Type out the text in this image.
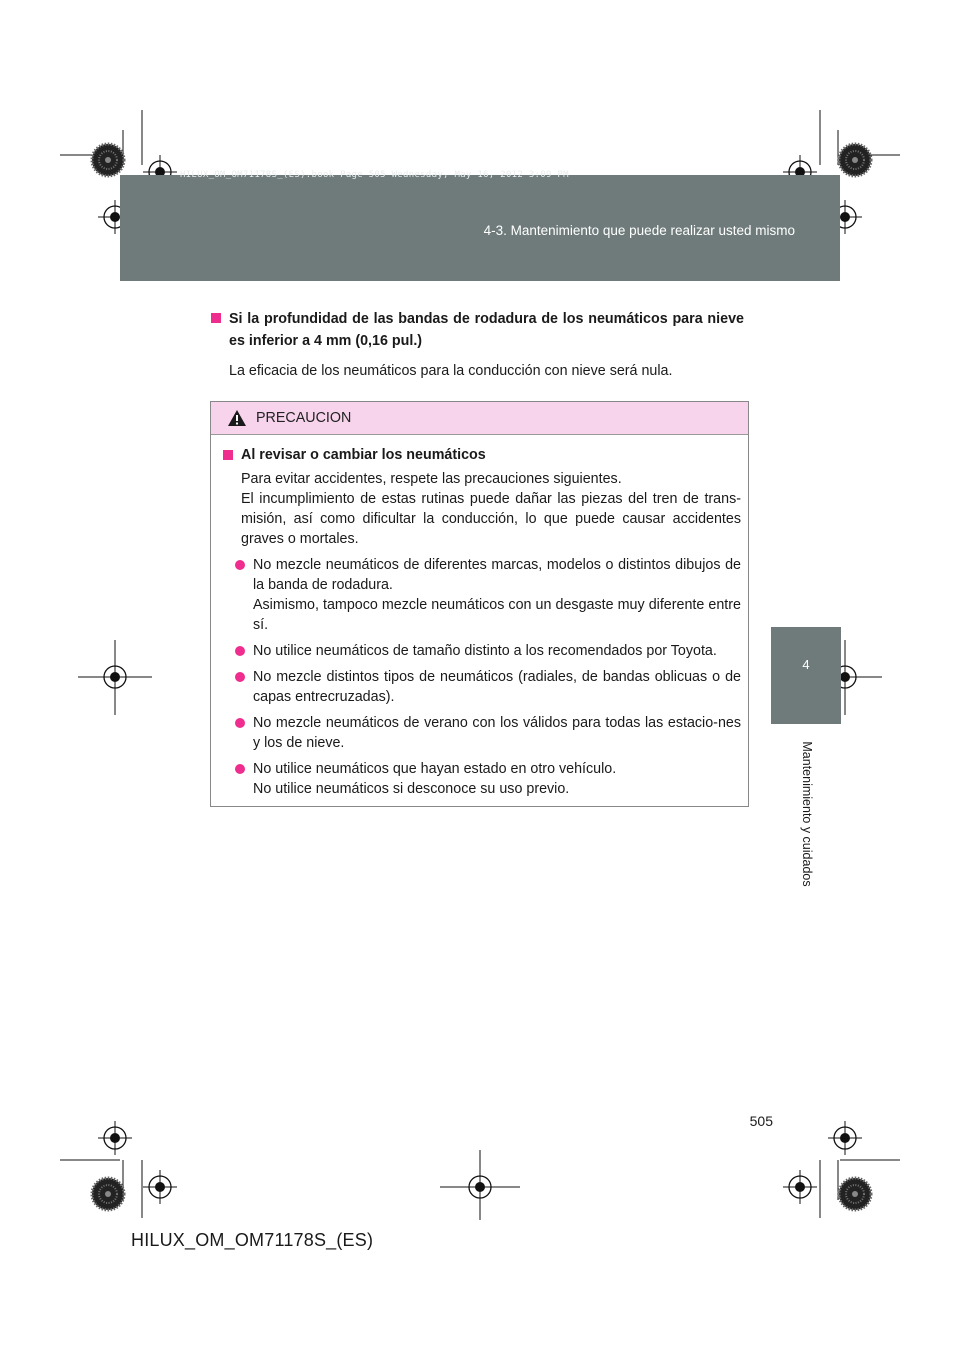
4-3. Mantenimiento que puede realizar usted mismo
HILUX_OM_OM71178S_(ES).book Page 505 Wednesday, May 16, 2012 3:09 PM
4
Mantenimiento y cuidados
Si la profundidad de las bandas de rodadura de los neumáticos para nieve es inferior a 4 mm (0,16 pul.)
La eficacia de los neumáticos para la conducción con nieve será nula.
PRECAUCION
Al revisar o cambiar los neumáticos
Para evitar accidentes, respete las precauciones siguientes.
El incumplimiento de estas rutinas puede dañar las piezas del tren de trans-misión, así como dificultar la conducción, lo que puede causar accidentes graves o mortales.
No mezcle neumáticos de diferentes marcas, modelos o distintos dibujos de la banda de rodadura.
Asimismo, tampoco mezcle neumáticos con un desgaste muy diferente entre sí.
No utilice neumáticos de tamaño distinto a los recomendados por Toyota.
No mezcle distintos tipos de neumáticos (radiales, de bandas oblicuas o de capas entrecruzadas).
No mezcle neumáticos de verano con los válidos para todas las estacio-nes y los de nieve.
No utilice neumáticos que hayan estado en otro vehículo.
No utilice neumáticos si desconoce su uso previo.
505
HILUX_OM_OM71178S_(ES)
